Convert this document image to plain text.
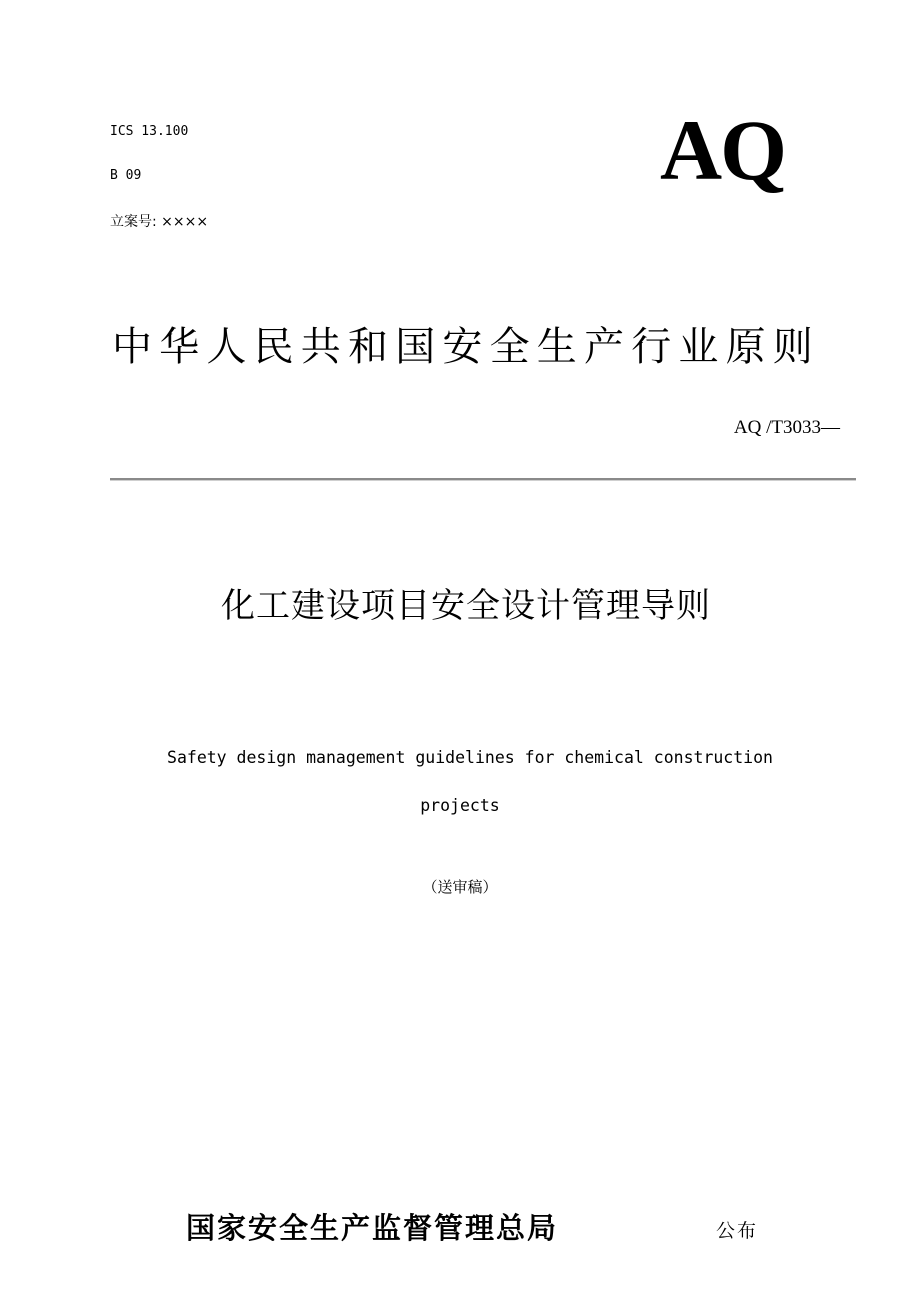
ICS 13.100
B 09
立案号: ××××
AQ
中华人民共和国安全生产行业原则
AQ /T3033—
化工建设项目安全设计管理导则
Safety design management guidelines for chemical construction
projects
（送审稿）
国家安全生产监督管理总局	公布
